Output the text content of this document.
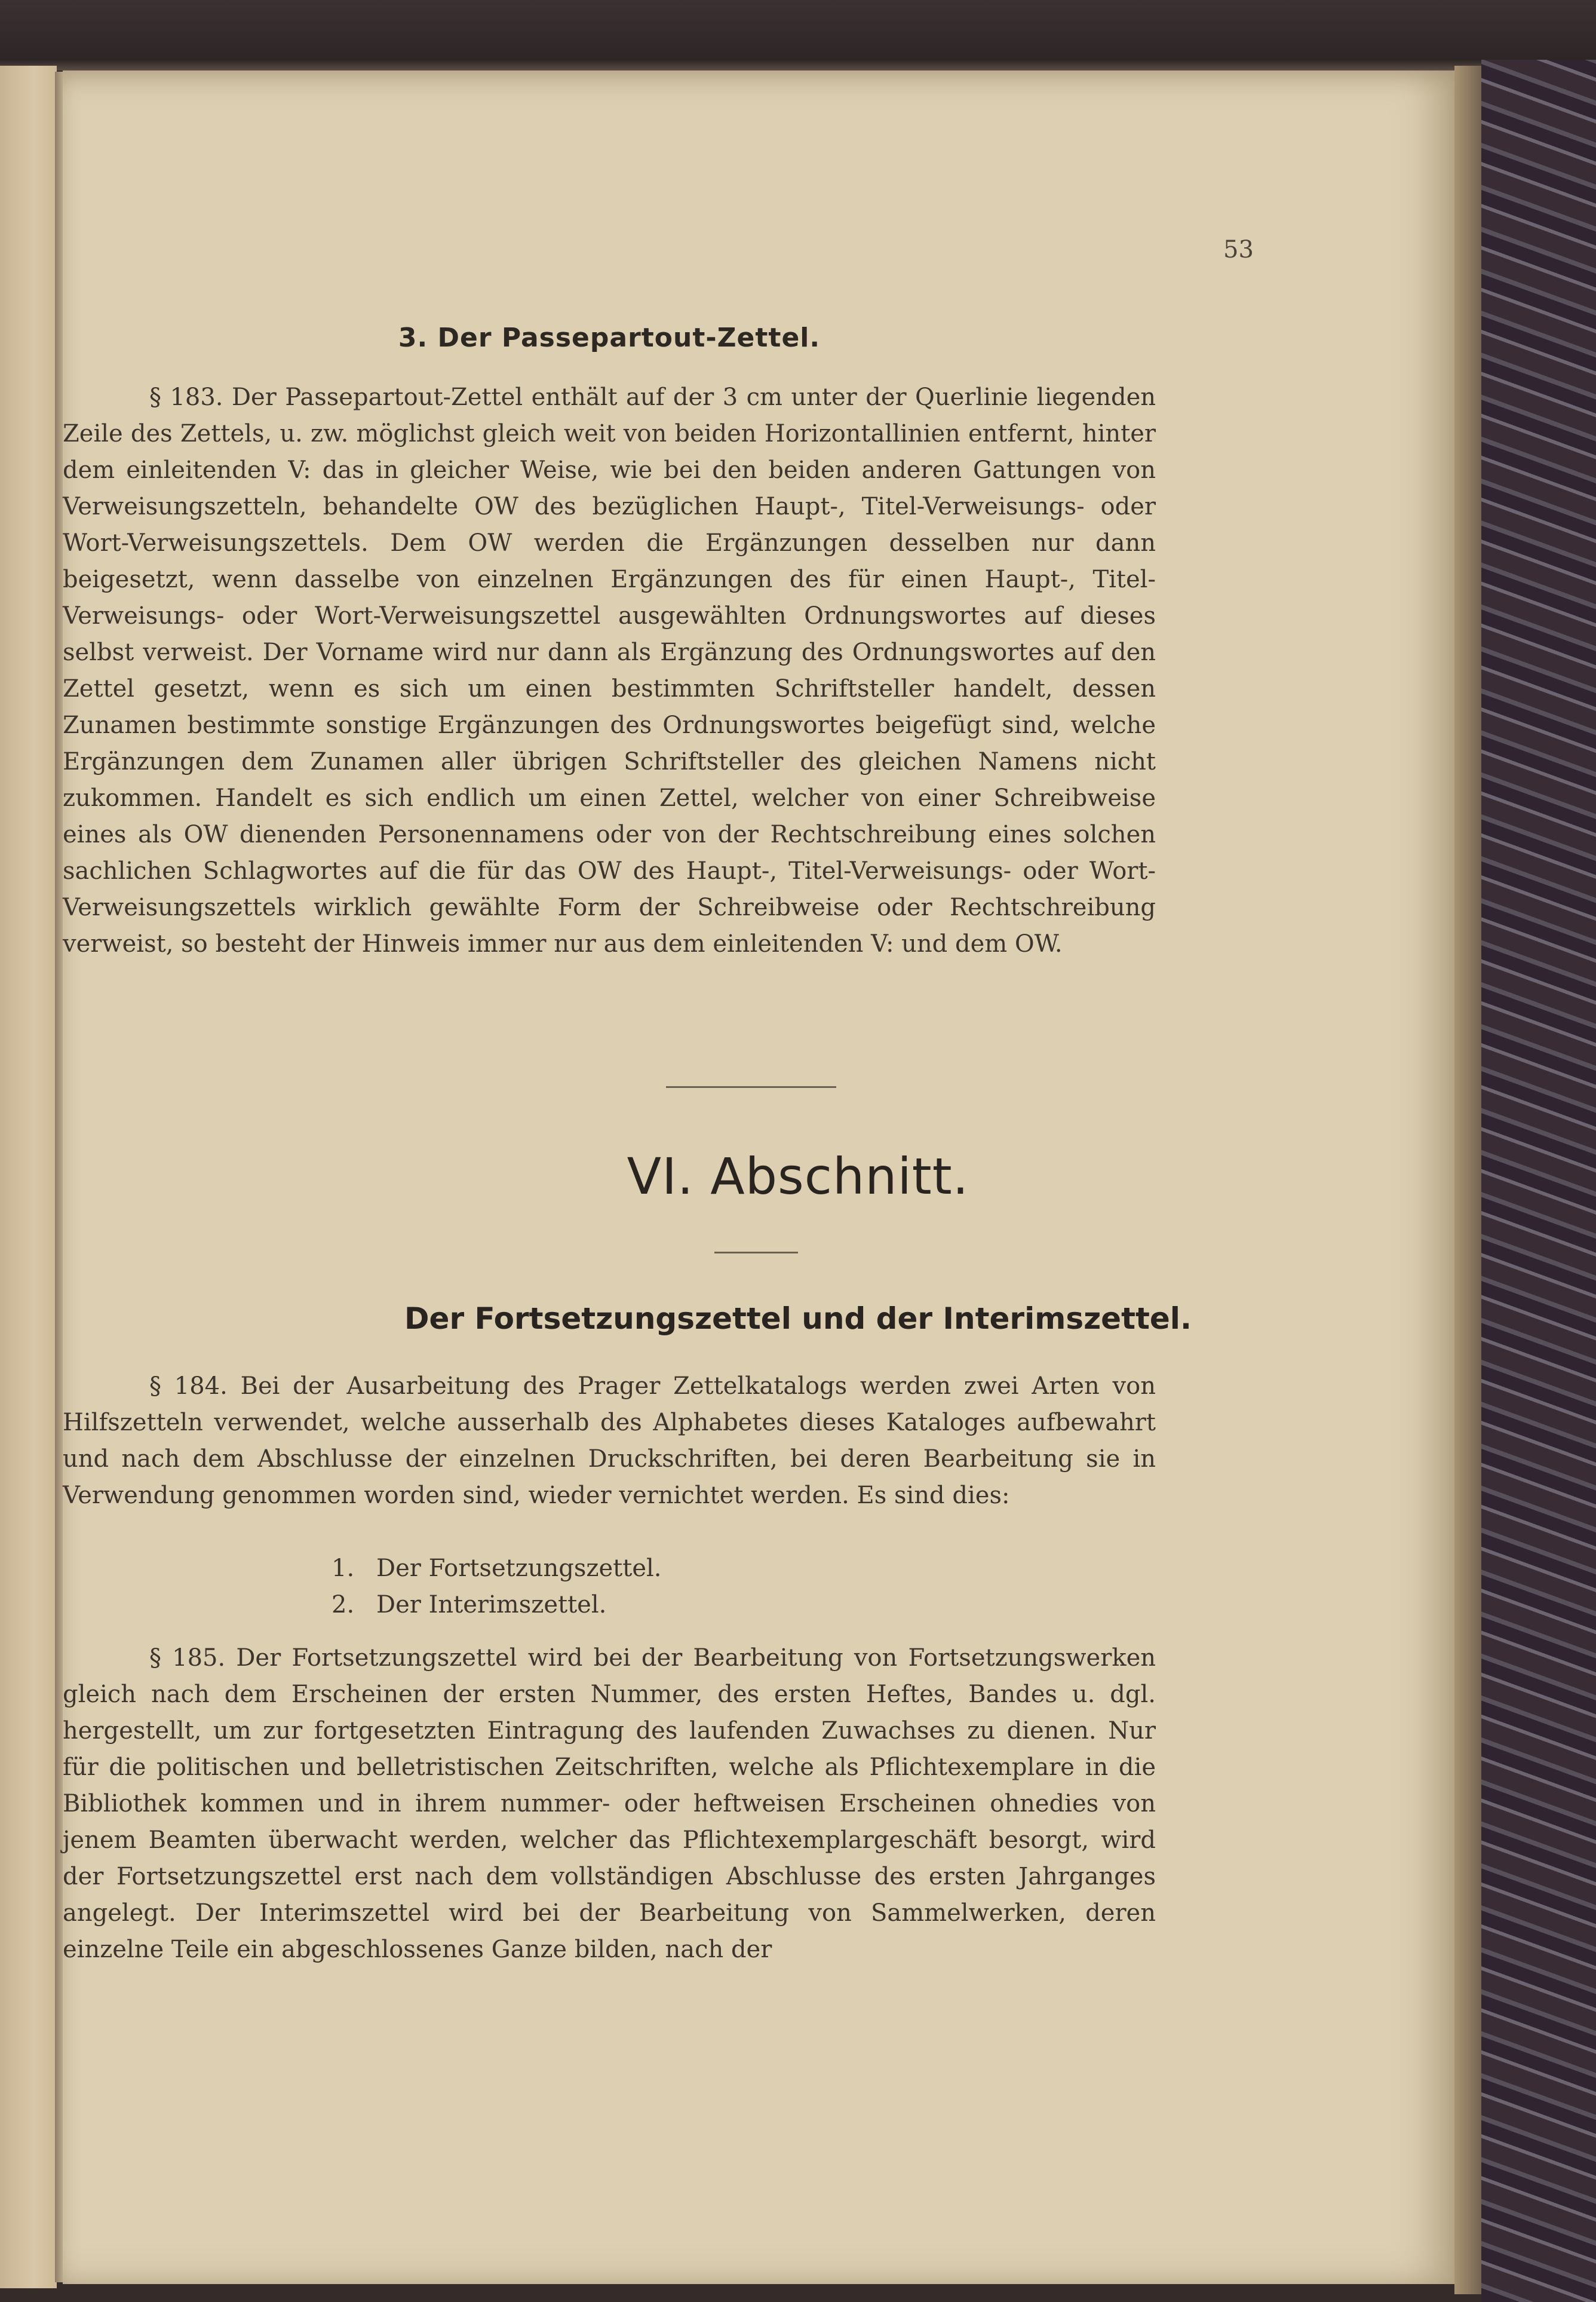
53
3. Der Passepartout-Zettel.

§ 183. Der Passepartout-Zettel enthält auf der 3 cm unter der Querlinie liegenden Zeile des Zettels, u. zw. möglichst gleich weit von beiden Horizontallinien entfernt, hinter dem einleitenden V: das in gleicher Weise, wie bei den beiden anderen Gattungen von Verweisungszetteln, behandelte OW des bezüglichen Haupt-, Titel-Verweisungs- oder Wort-Verweisungszettels. Dem OW werden die Ergänzungen desselben nur dann beigesetzt, wenn dasselbe von einzelnen Ergänzungen des für einen Haupt-, Titel-Verweisungs- oder Wort-Verweisungszettel ausgewählten Ordnungswortes auf dieses selbst verweist. Der Vorname wird nur dann als Ergänzung des Ordnungswortes auf den Zettel gesetzt, wenn es sich um einen bestimmten Schriftsteller handelt, dessen Zunamen bestimmte sonstige Ergänzungen des Ordnungswortes beigefügt sind, welche Ergänzungen dem Zunamen aller übrigen Schriftsteller des gleichen Namens nicht zukommen. Handelt es sich endlich um einen Zettel, welcher von einer Schreibweise eines als OW dienenden Personennamens oder von der Rechtschreibung eines solchen sachlichen Schlagwortes auf die für das OW des Haupt-, Titel-Verweisungs- oder Wort-Verweisungszettels wirklich gewählte Form der Schreibweise oder Rechtschreibung verweist, so besteht der Hinweis immer nur aus dem einleitenden V: und dem OW.

VI. Abschnitt.
Der Fortsetzungszettel und der Interimszettel.

§ 184. Bei der Ausarbeitung des Prager Zettelkatalogs werden zwei Arten von Hilfszetteln verwendet, welche ausserhalb des Alphabetes dieses Kataloges aufbewahrt und nach dem Abschlusse der einzelnen Druckschriften, bei deren Bearbeitung sie in Verwendung genommen worden sind, wieder vernichtet werden. Es sind dies:

1. Der Fortsetzungszettel.
2. Der Interimszettel.

§ 185. Der Fortsetzungszettel wird bei der Bearbeitung von Fortsetzungswerken gleich nach dem Erscheinen der ersten Nummer, des ersten Heftes, Bandes u. dgl. hergestellt, um zur fortgesetzten Eintragung des laufenden Zuwachses zu dienen. Nur für die politischen und belletristischen Zeitschriften, welche als Pflichtexemplare in die Bibliothek kommen und in ihrem nummer- oder heftweisen Erscheinen ohnedies von jenem Beamten überwacht werden, welcher das Pflichtexemplargeschäft besorgt, wird der Fortsetzungszettel erst nach dem vollständigen Abschlusse des ersten Jahrganges angelegt. Der Interimszettel wird bei der Bearbeitung von Sammelwerken, deren einzelne Teile ein abgeschlossenes Ganze bilden, nach der
